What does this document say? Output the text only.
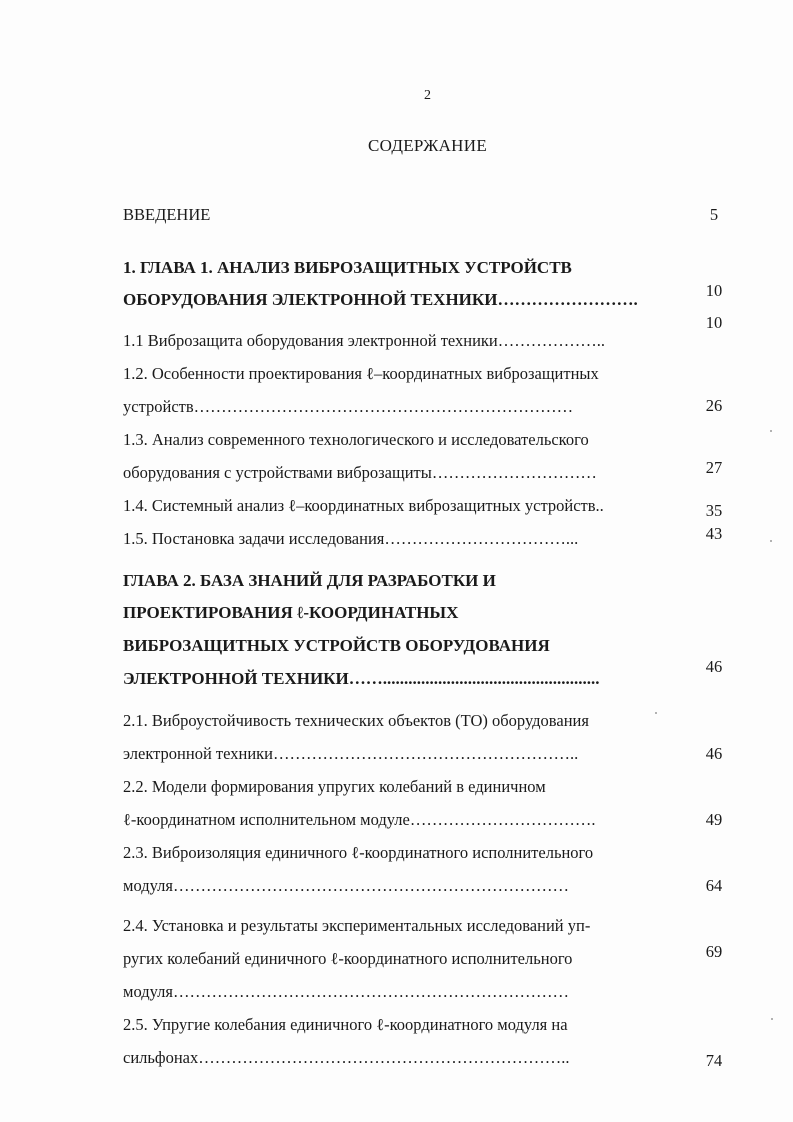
2
СОДЕРЖАНИЕ
ВВЕДЕНИЕ
1. ГЛАВА 1. АНАЛИЗ ВИБРОЗАЩИТНЫХ УСТРОЙСТВ
ОБОРУДОВАНИЯ ЭЛЕКТРОННОЙ ТЕХНИКИ…………………….
1.1 Виброзащита оборудования электронной техники………………..
1.2. Особенности проектирования ℓ–координатных виброзащитных
устройств……………………………………………………………
1.3. Анализ современного технологического и исследовательского
оборудования с устройствами виброзащиты…………………………
1.4. Системный анализ ℓ–координатных виброзащитных устройств..
1.5. Постановка задачи исследования……………………………...
ГЛАВА 2. БАЗА ЗНАНИЙ ДЛЯ РАЗРАБОТКИ И
ПРОЕКТИРОВАНИЯ ℓ-КООРДИНАТНЫХ
ВИБРОЗАЩИТНЫХ УСТРОЙСТВ ОБОРУДОВАНИЯ
ЭЛЕКТРОННОЙ ТЕХНИКИ……...................................................
2.1. Виброустойчивость технических объектов (ТО) оборудования
электронной техники………………………………………………..
2.2. Модели формирования упругих колебаний в единичном
ℓ-координатном исполнительном модуле…………………………….
2.3. Виброизоляция единичного ℓ-координатного исполнительного
модуля………………………………………………………………
2.4. Установка и результаты экспериментальных исследований уп-
ругих колебаний единичного ℓ-координатного исполнительного
модуля………………………………………………………………
2.5. Упругие колебания единичного ℓ-координатного модуля на
сильфонах…………………………………………………………..
5
10
10
26
27
35
43
46
46
49
64
69
74
